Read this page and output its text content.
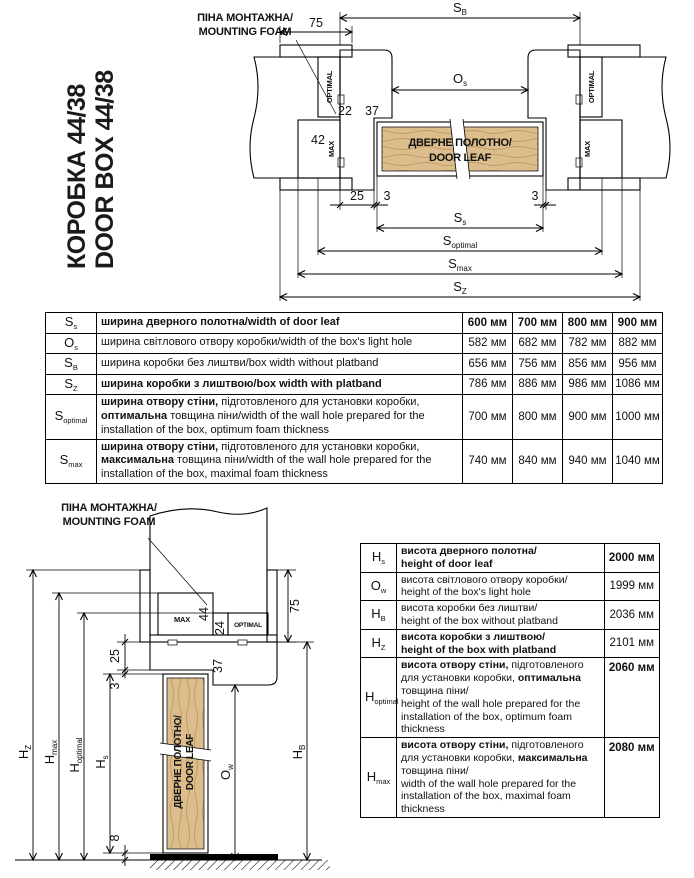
КОРОБКА 44/38 DOOR BOX 44/38
ПІНА МОНТАЖНА/
MOUNTING FOAM
OPTIMAL
MAX
22 37
42
OPTIMAL
MAX
ДВЕРНЕ ПОЛОТНО/
DOOR LEAF
SB
75
Os
25 3	3
Ss
Soptimal
Smax
SZ
$S_s$	ширина дверного полотна/width of door leaf	600 мм	700 мм	800 мм	900 мм
$O_s$	ширина світлового отвору коробки/width of the box's light hole	582 мм	682 мм	782 мм	882 мм
$S_B$	ширина коробки без лиштви/box width without platband	656 мм	756 мм	856 мм	956 мм
$S_Z$	ширина коробки з лиштвою/box width with platband	786 мм	886 мм	986 мм	1086 мм
$S_{optimal}$	ширина отвору стіни, підготовленого для установки коробки, оптимальна товщина піни/width of the wall hole prepared for the installation of the box, optimum foam thickness	700 мм	800 мм	900 мм	1000 мм
$S_{max}$	ширина отвору стіни, підготовленого для установки коробки, максимальна товщина піни/width of the wall hole prepared for the installation of the box, maximal foam thickness	740 мм	840 мм	940 мм	1040 мм
ПІНА МОНТАЖНА/
MOUNTING FOAM
MAX 44
24 OPTIMAL
37
ДВЕРНЕ ПОЛОТНО/ DOOR LEAF
75
HZ
Hmax
Hoptimal
Hs
25
3
8
Ow
HB
$H_s$	висота дверного полотна/
height of door leaf	2000 мм
$O_w$	висота світлового отвору коробки/
height of the box's light hole	1999 мм
$H_B$	висота коробки без лиштви/
height of the box without platband	2036 мм
$H_Z$	висота коробки з лиштвою/
height of the box with platband	2101 мм
$H_{optimal}$	висота отвору стіни, підготовленого для установки коробки, оптимальна товщина піни/
height of the wall hole prepared for the installation of the box, optimum foam thickness	2060 мм
$H_{max}$	висота отвору стіни, підготовленого для установки коробки, максимальна товщина піни/
width of the wall hole prepared for the installation of the box, maximal foam thickness	2080 мм
